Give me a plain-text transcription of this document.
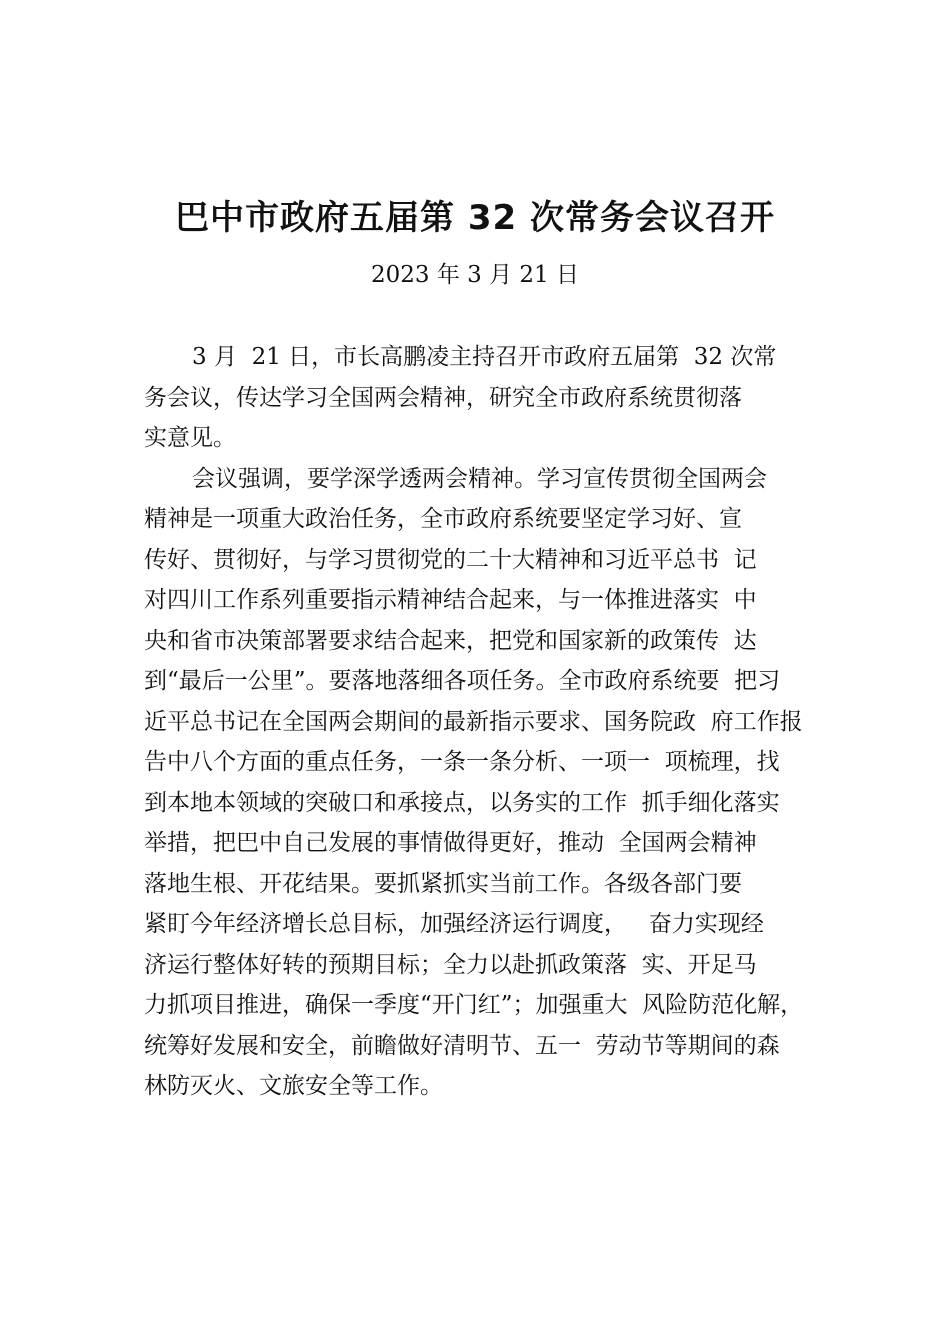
巴中市政府五届第 32 次常务会议召开

2023 年 3 月 21 日

3 月  21 日，市长高鹏凌主持召开市政府五届第  32 次常
务会议，传达学习全国两会精神，研究全市政府系统贯彻落
实意见。
会议强调，要学深学透两会精神。学习宣传贯彻全国两会
精神是一项重大政治任务，全市政府系统要坚定学习好、宣
传好、贯彻好，与学习贯彻党的二十大精神和习近平总书  记
对四川工作系列重要指示精神结合起来，与一体推进落实  中
央和省市决策部署要求结合起来，把党和国家新的政策传  达
到“最后一公里”。要落地落细各项任务。全市政府系统要  把习
近平总书记在全国两会期间的最新指示要求、国务院政  府工作报
告中八个方面的重点任务，一条一条分析、一项一  项梳理，找
到本地本领域的突破口和承接点，以务实的工作  抓手细化落实
举措，把巴中自己发展的事情做得更好，推动  全国两会精神
落地生根、开花结果。要抓紧抓实当前工作。各级各部门要
紧盯今年经济增长总目标，加强经济运行调度，   奋力实现经
济运行整体好转的预期目标；全力以赴抓政策落  实、开足马
力抓项目推进，确保一季度“开门红”；加强重大  风险防范化解，
统筹好发展和安全，前瞻做好清明节、五一  劳动节等期间的森
林防灭火、文旅安全等工作。
